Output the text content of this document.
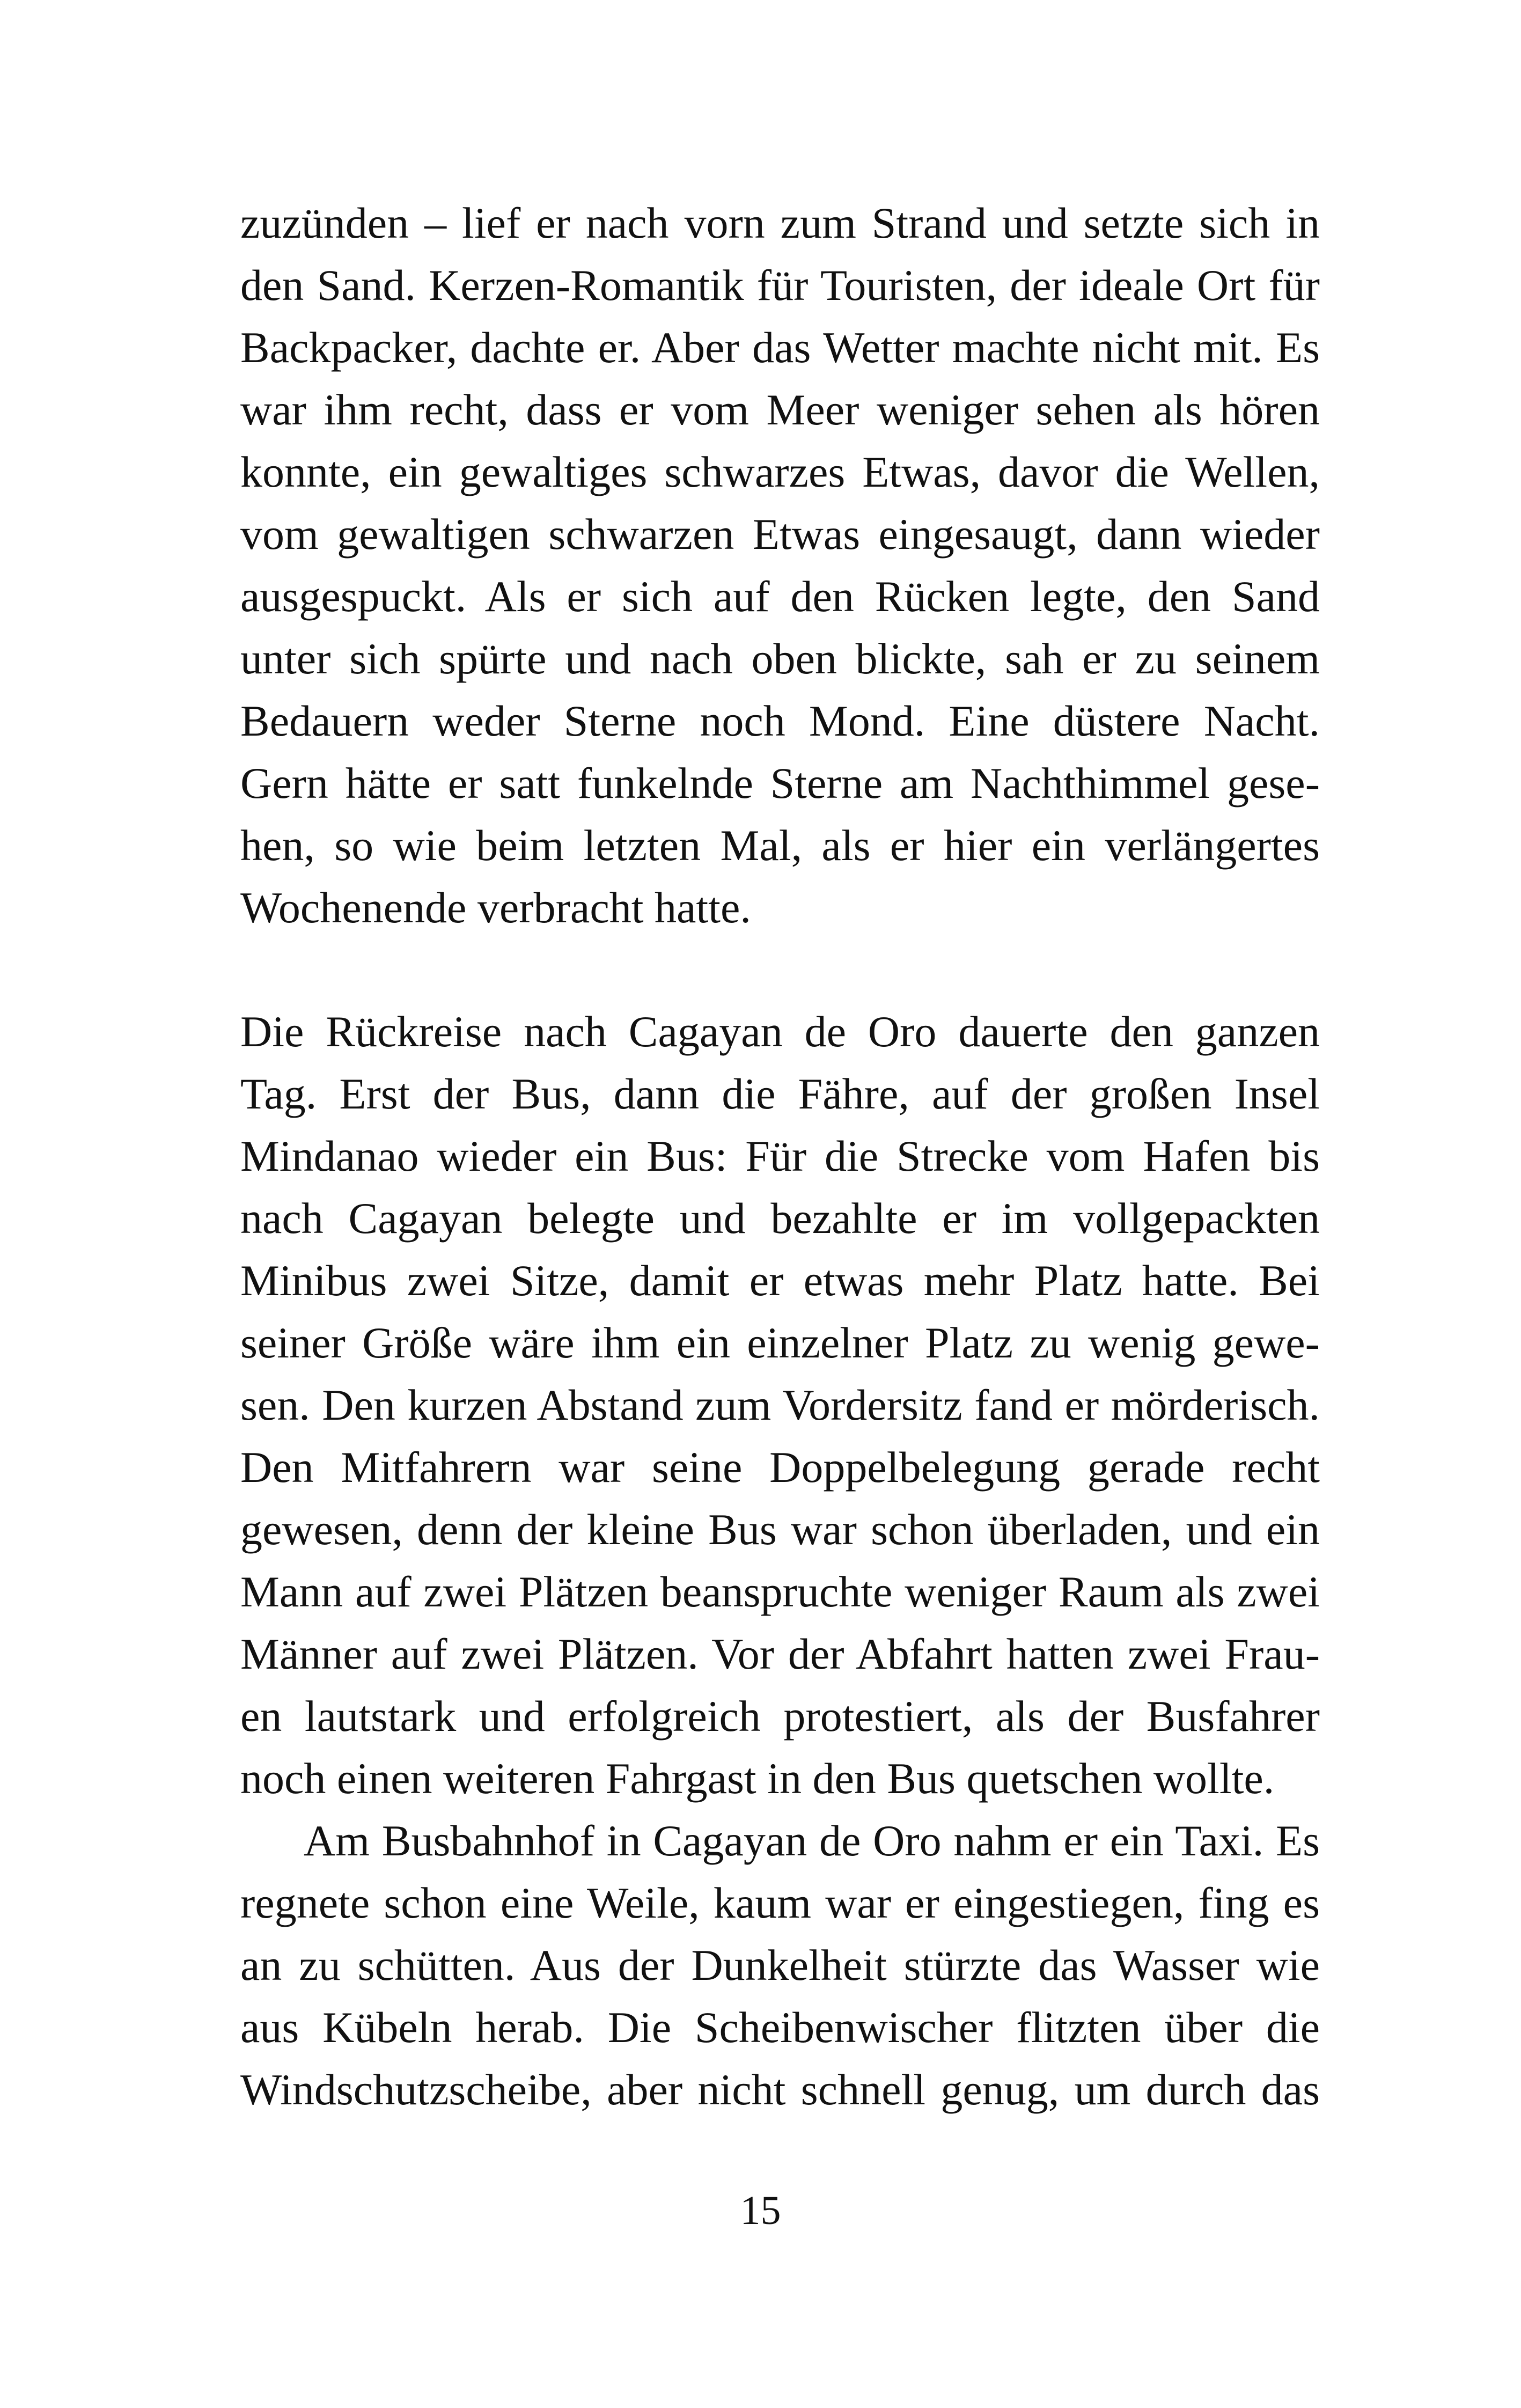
zuzünden – lief er nach vorn zum Strand und setzte sich in
den Sand. Kerzen-Romantik für Touristen, der ideale Ort für
Backpacker, dachte er. Aber das Wetter machte nicht mit. Es
war ihm recht, dass er vom Meer weniger sehen als hören
konnte, ein gewaltiges schwarzes Etwas, davor die Wellen,
vom gewaltigen schwarzen Etwas eingesaugt, dann wieder
ausgespuckt. Als er sich auf den Rücken legte, den Sand
unter sich spürte und nach oben blickte, sah er zu seinem
Bedauern weder Sterne noch Mond. Eine düstere Nacht.
Gern hätte er satt funkelnde Sterne am Nachthimmel gese-
hen, so wie beim letzten Mal, als er hier ein verlängertes
Wochenende verbracht hatte.
Die Rückreise nach Cagayan de Oro dauerte den ganzen
Tag. Erst der Bus, dann die Fähre, auf der großen Insel
Mindanao wieder ein Bus: Für die Strecke vom Hafen bis
nach Cagayan belegte und bezahlte er im vollgepackten
Minibus zwei Sitze, damit er etwas mehr Platz hatte. Bei
seiner Größe wäre ihm ein einzelner Platz zu wenig gewe-
sen. Den kurzen Abstand zum Vordersitz fand er mörderisch.
Den Mitfahrern war seine Doppelbelegung gerade recht
gewesen, denn der kleine Bus war schon überladen, und ein
Mann auf zwei Plätzen beanspruchte weniger Raum als zwei
Männer auf zwei Plätzen. Vor der Abfahrt hatten zwei Frau-
en lautstark und erfolgreich protestiert, als der Busfahrer
noch einen weiteren Fahrgast in den Bus quetschen wollte.
Am Busbahnhof in Cagayan de Oro nahm er ein Taxi. Es
regnete schon eine Weile, kaum war er eingestiegen, fing es
an zu schütten. Aus der Dunkelheit stürzte das Wasser wie
aus Kübeln herab. Die Scheibenwischer flitzten über die
Windschutzscheibe, aber nicht schnell genug, um durch das
15
